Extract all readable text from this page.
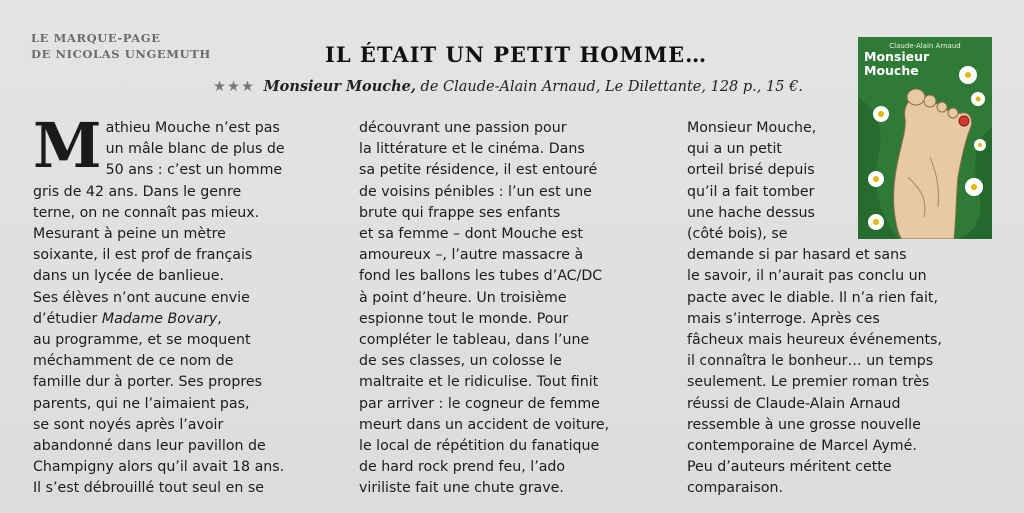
LE MARQUE-PAGE
DE NICOLAS UNGEMUTH	IL ÉTAIT UN PETIT HOMME…
★★★ Monsieur Mouche, de Claude-Alain Arnaud, Le Dilettante, 128 p., 15 €.
M athieu Mouche n’est pas
un mâle blanc de plus de
50 ans : c’est un homme
gris de 42 ans. Dans le genre
terne, on ne connaît pas mieux.
Mesurant à peine un mètre
soixante, il est prof de français
dans un lycée de banlieue.
Ses élèves n’ont aucune envie
d’étudier Madame Bovary,
au programme, et se moquent
méchamment de ce nom de
famille dur à porter. Ses propres
parents, qui ne l’aimaient pas,
se sont noyés après l’avoir
abandonné dans leur pavillon de
Champigny alors qu’il avait 18 ans.
Il s’est débrouillé tout seul en se
découvrant une passion pour
la littérature et le cinéma. Dans
sa petite résidence, il est entouré
de voisins pénibles : l’un est une
brute qui frappe ses enfants
et sa femme – dont Mouche est
amoureux –, l’autre massacre à
fond les ballons les tubes d’AC/DC
à point d’heure. Un troisième
espionne tout le monde. Pour
compléter le tableau, dans l’une
de ses classes, un colosse le
maltraite et le ridiculise. Tout finit
par arriver : le cogneur de femme
meurt dans un accident de voiture,
le local de répétition du fanatique
de hard rock prend feu, l’ado
viriliste fait une chute grave.
Monsieur Mouche,
qui a un petit
orteil brisé depuis
qu’il a fait tomber
une hache dessus
(côté bois), se
demande si par hasard et sans
le savoir, il n’aurait pas conclu un
pacte avec le diable. Il n’a rien fait,
mais s’interroge. Après ces
fâcheux mais heureux événements,
il connaîtra le bonheur… un temps
seulement. Le premier roman très
réussi de Claude-Alain Arnaud
ressemble à une grosse nouvelle
contemporaine de Marcel Aymé.
Peu d’auteurs méritent cette
comparaison.
Claude-Alain Arnaud
Monsieur
Mouche
